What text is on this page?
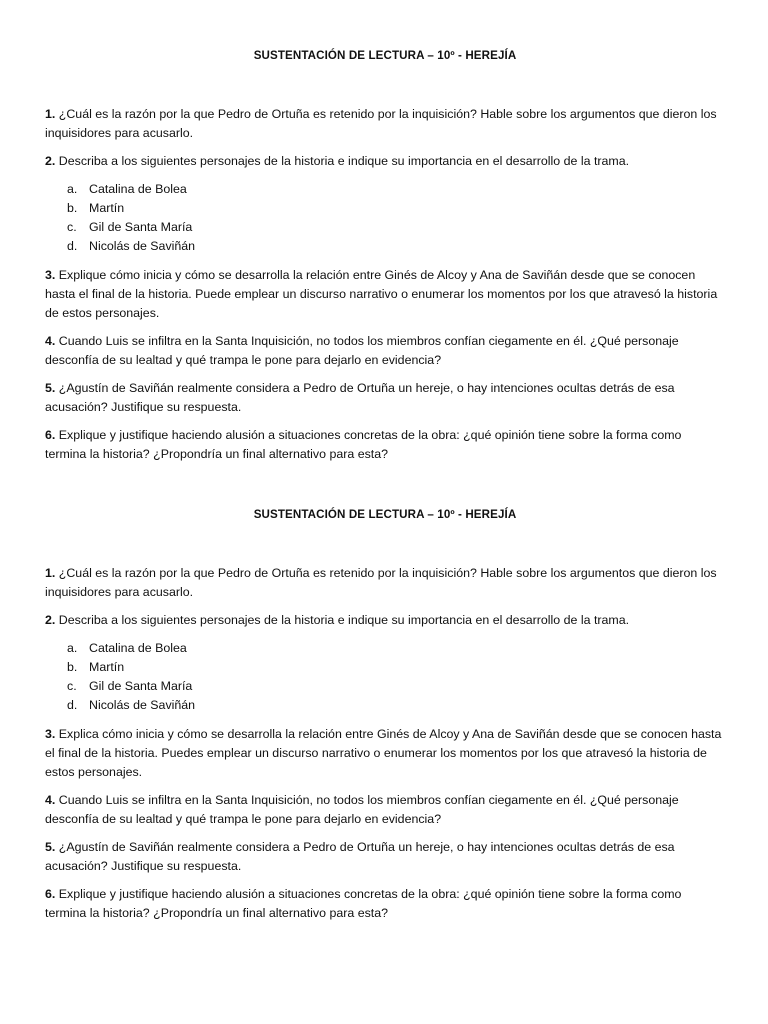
SUSTENTACIÓN DE LECTURA – 10º - HEREJÍA

1. ¿Cuál es la razón por la que Pedro de Ortuña es retenido por la inquisición? Hable sobre los argumentos que dieron los inquisidores para acusarlo.

2. Describa a los siguientes personajes de la historia e indique su importancia en el desarrollo de la trama.

a. Catalina de Bolea
b. Martín
c. Gil de Santa María
d. Nicolás de Saviñán

3. Explique cómo inicia y cómo se desarrolla la relación entre Ginés de Alcoy y Ana de Saviñán desde que se conocen hasta el final de la historia. Puede emplear un discurso narrativo o enumerar los momentos por los que atravesó la historia de estos personajes.

4. Cuando Luis se infiltra en la Santa Inquisición, no todos los miembros confían ciegamente en él. ¿Qué personaje desconfía de su lealtad y qué trampa le pone para dejarlo en evidencia?

5. ¿Agustín de Saviñán realmente considera a Pedro de Ortuña un hereje, o hay intenciones ocultas detrás de esa acusación? Justifique su respuesta.

6. Explique y justifique haciendo alusión a situaciones concretas de la obra: ¿qué opinión tiene sobre la forma como termina la historia? ¿Propondría un final alternativo para esta?

SUSTENTACIÓN DE LECTURA – 10º - HEREJÍA

1. ¿Cuál es la razón por la que Pedro de Ortuña es retenido por la inquisición? Hable sobre los argumentos que dieron los inquisidores para acusarlo.

2. Describa a los siguientes personajes de la historia e indique su importancia en el desarrollo de la trama.

a. Catalina de Bolea
b. Martín
c. Gil de Santa María
d. Nicolás de Saviñán

3. Explica cómo inicia y cómo se desarrolla la relación entre Ginés de Alcoy y Ana de Saviñán desde que se conocen hasta el final de la historia. Puedes emplear un discurso narrativo o enumerar los momentos por los que atravesó la historia de estos personajes.

4. Cuando Luis se infiltra en la Santa Inquisición, no todos los miembros confían ciegamente en él. ¿Qué personaje desconfía de su lealtad y qué trampa le pone para dejarlo en evidencia?

5. ¿Agustín de Saviñán realmente considera a Pedro de Ortuña un hereje, o hay intenciones ocultas detrás de esa acusación? Justifique su respuesta.

6. Explique y justifique haciendo alusión a situaciones concretas de la obra: ¿qué opinión tiene sobre la forma como termina la historia? ¿Propondría un final alternativo para esta?
